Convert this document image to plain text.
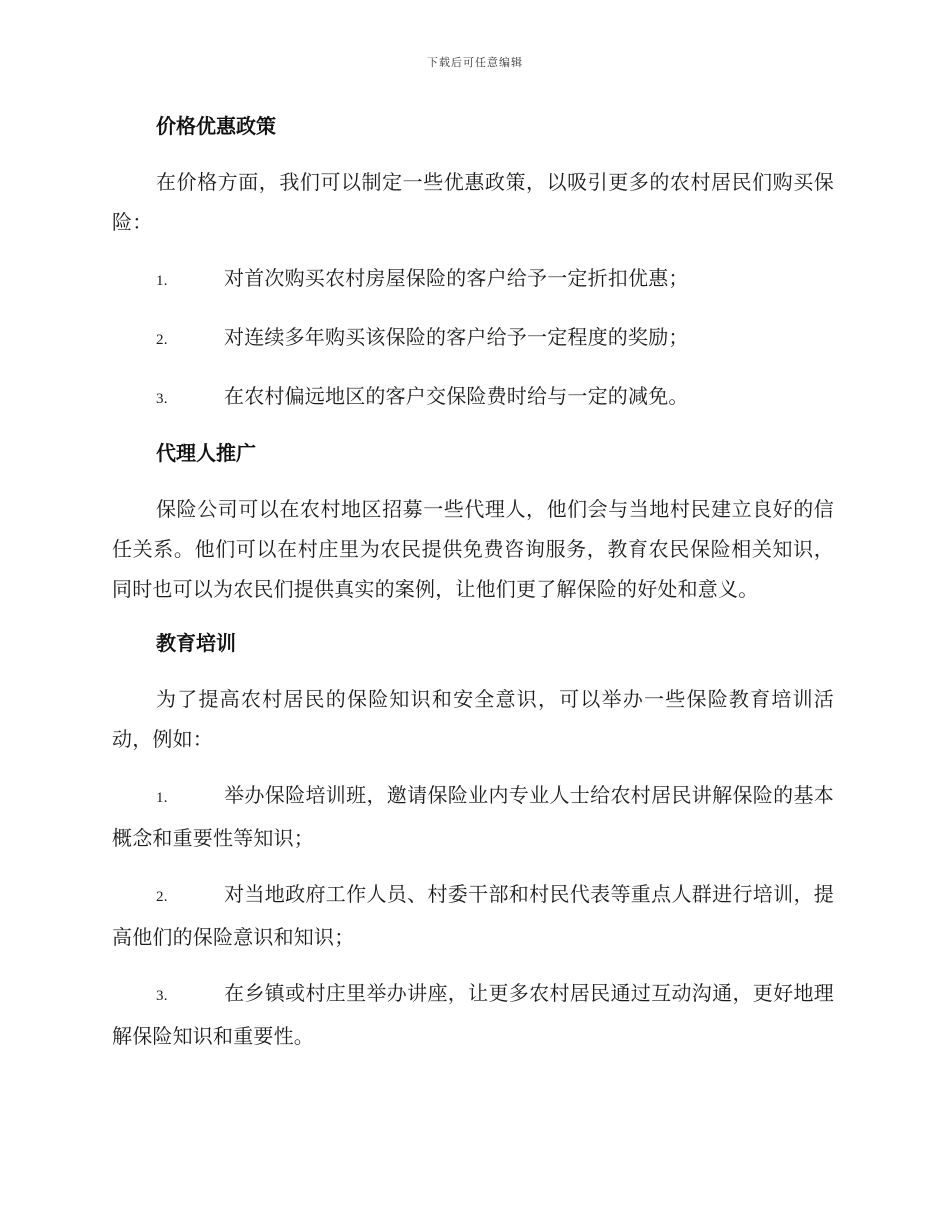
下载后可任意编辑
价格优惠政策

在价格方面，我们可以制定一些优惠政策，以吸引更多的农村居民们购买保险：

1.	对首次购买农村房屋保险的客户给予一定折扣优惠；
2.	对连续多年购买该保险的客户给予一定程度的奖励；
3.	在农村偏远地区的客户交保险费时给与一定的减免。
代理人推广

保险公司可以在农村地区招募一些代理人，他们会与当地村民建立良好的信任关系。他们可以在村庄里为农民提供免费咨询服务，教育农民保险相关知识，同时也可以为农民们提供真实的案例，让他们更了解保险的好处和意义。

教育培训

为了提高农村居民的保险知识和安全意识，可以举办一些保险教育培训活动，例如：

1.	举办保险培训班，邀请保险业内专业人士给农村居民讲解保险的基本概念和重要性等知识；
2.	对当地政府工作人员、村委干部和村民代表等重点人群进行培训，提高他们的保险意识和知识；
3.	在乡镇或村庄里举办讲座，让更多农村居民通过互动沟通，更好地理解保险知识和重要性。
